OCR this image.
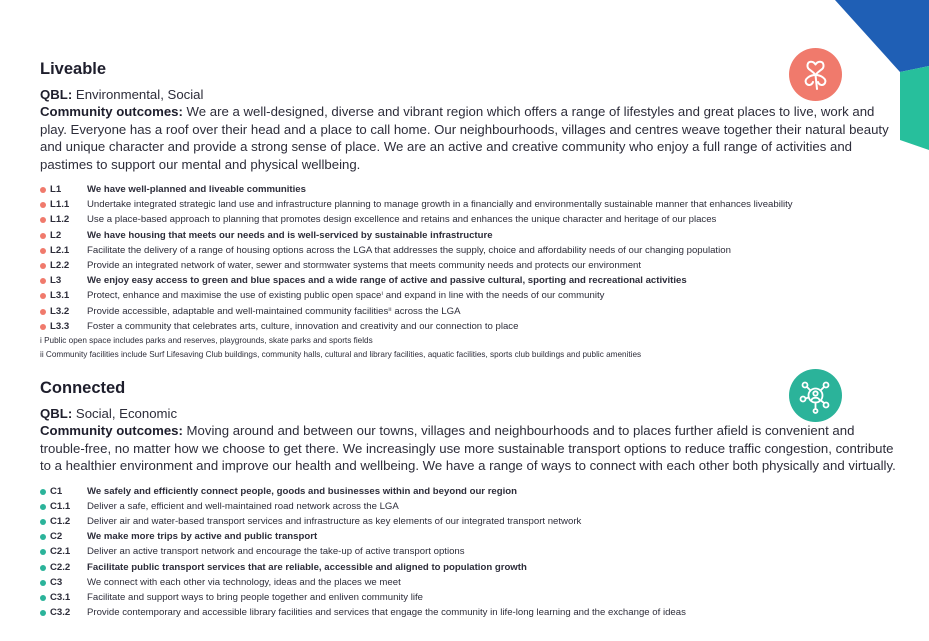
Liveable

QBL: Environmental, Social

Community outcomes: We are a well-designed, diverse and vibrant region which offers a range of lifestyles and great places to live, work and play. Everyone has a roof over their head and a place to call home. Our neighbourhoods, villages and centres weave together their natural beauty and unique character and provide a strong sense of place. We are an active and creative community who enjoy a full range of activities and pastimes to support our mental and physical wellbeing.

L1	We have well-planned and liveable communities
L1.1 Undertake integrated strategic land use and infrastructure planning to manage growth in a financially and environmentally sustainable manner that enhances liveability
L1.2 Use a place-based approach to planning that promotes design excellence and retains and enhances the unique character and heritage of our places
L2	We have housing that meets our needs and is well-serviced by sustainable infrastructure
L2.1 Facilitate the delivery of a range of housing options across the LGA that addresses the supply, choice and affordability needs of our changing population
L2.2 Provide an integrated network of water, sewer and stormwater systems that meets community needs and protects our environment
L3	We enjoy easy access to green and blue spaces and a wide range of active and passive cultural, sporting and recreational activities
L3.1 Protect, enhance and maximise the use of existing public open spaceⁱ and expand in line with the needs of our community
L3.2 Provide accessible, adaptable and well-maintained community facilitiesⁱⁱ across the LGA
L3.3 Foster a community that celebrates arts, culture, innovation and creativity and our connection to place

i Public open space includes parks and reserves, playgrounds, skate parks and sports fields

ii Community facilities include Surf Lifesaving Club buildings, community halls, cultural and library facilities, aquatic facilities, sports club buildings and public amenities

Connected

QBL: Social, Economic

Community outcomes: Moving around and between our towns, villages and neighbourhoods and to places further afield is convenient and trouble-free, no matter how we choose to get there. We increasingly use more sustainable transport options to reduce traffic congestion, contribute to a healthier environment and improve our health and wellbeing. We have a range of ways to connect with each other both physically and virtually.

C1	We safely and efficiently connect people, goods and businesses within and beyond our region
C1.1 Deliver a safe, efficient and well-maintained road network across the LGA
C1.2 Deliver air and water-based transport services and infrastructure as key elements of our integrated transport network
C2	We make more trips by active and public transport
C2.1 Deliver an active transport network and encourage the take-up of active transport options
C2.2 Facilitate public transport services that are reliable, accessible and aligned to population growth
C3	We connect with each other via technology, ideas and the places we meet
C3.1 Facilitate and support ways to bring people together and enliven community life
C3.2 Provide contemporary and accessible library facilities and services that engage the community in life-long learning and the exchange of ideas
